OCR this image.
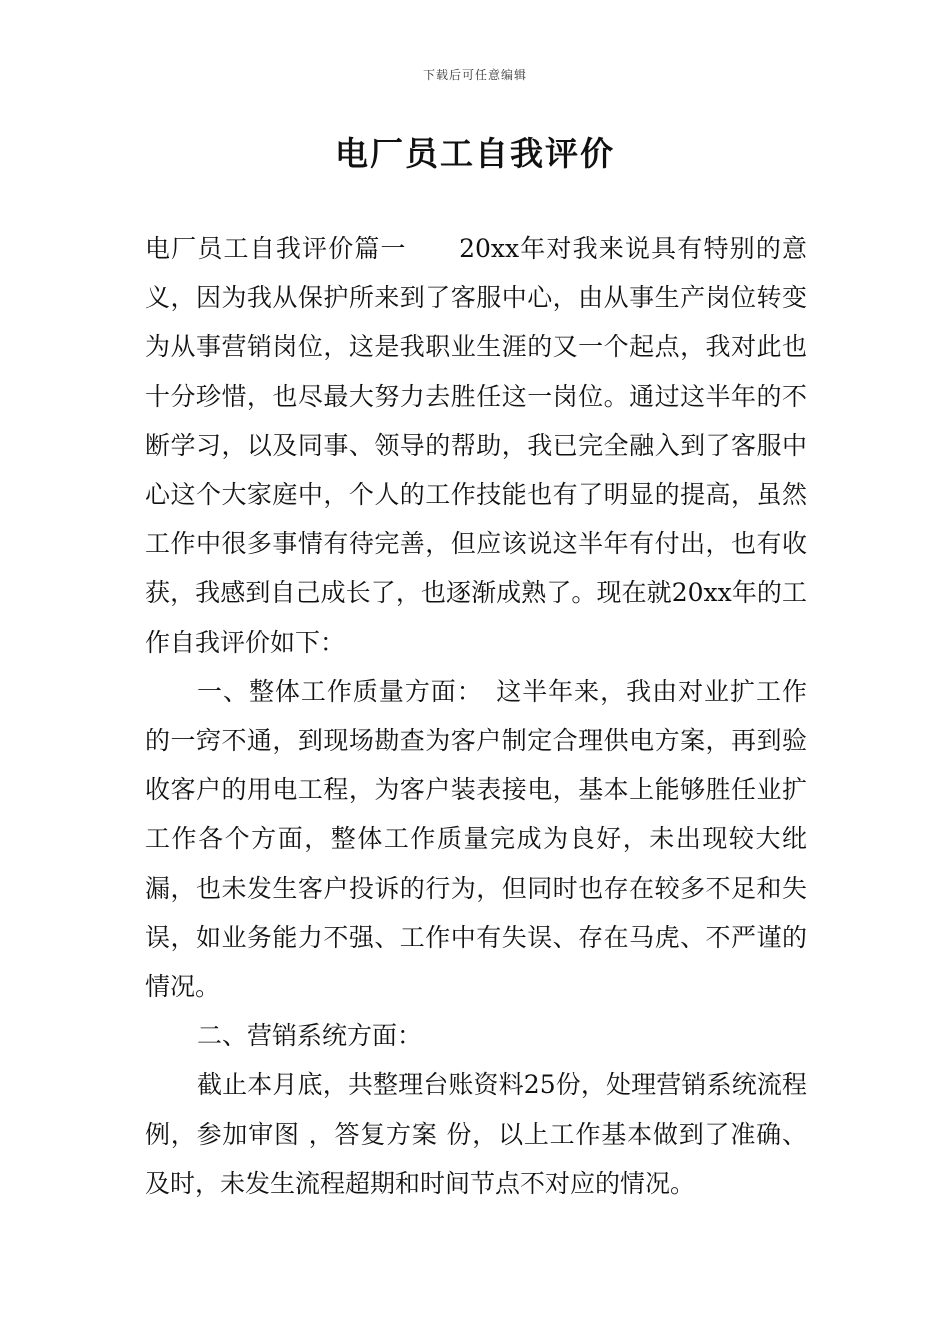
下载后可任意编辑
电厂员工自我评价

电厂员工自我评价篇一　　20xx年对我来说具有特别的意义，因为我从保护所来到了客服中心，由从事生产岗位转变为从事营销岗位，这是我职业生涯的又一个起点，我对此也十分珍惜，也尽最大努力去胜任这一岗位。通过这半年的不断学习，以及同事、领导的帮助，我已完全融入到了客服中心这个大家庭中，个人的工作技能也有了明显的提高，虽然工作中很多事情有待完善，但应该说这半年有付出，也有收获，我感到自己成长了，也逐渐成熟了。现在就20xx年的工作自我评价如下：

一、整体工作质量方面：　这半年来，我由对业扩工作的一窍不通，到现场勘查为客户制定合理供电方案，再到验收客户的用电工程，为客户装表接电，基本上能够胜任业扩工作各个方面，整体工作质量完成为良好，未出现较大纰漏，也未发生客户投诉的行为，但同时也存在较多不足和失误，如业务能力不强、工作中有失误、存在马虎、不严谨的情况。

二、营销系统方面：

截止本月底，共整理台账资料25份，处理营销系统流程 例，参加审图 ，答复方案 份，以上工作基本做到了准确、及时，未发生流程超期和时间节点不对应的情况。
